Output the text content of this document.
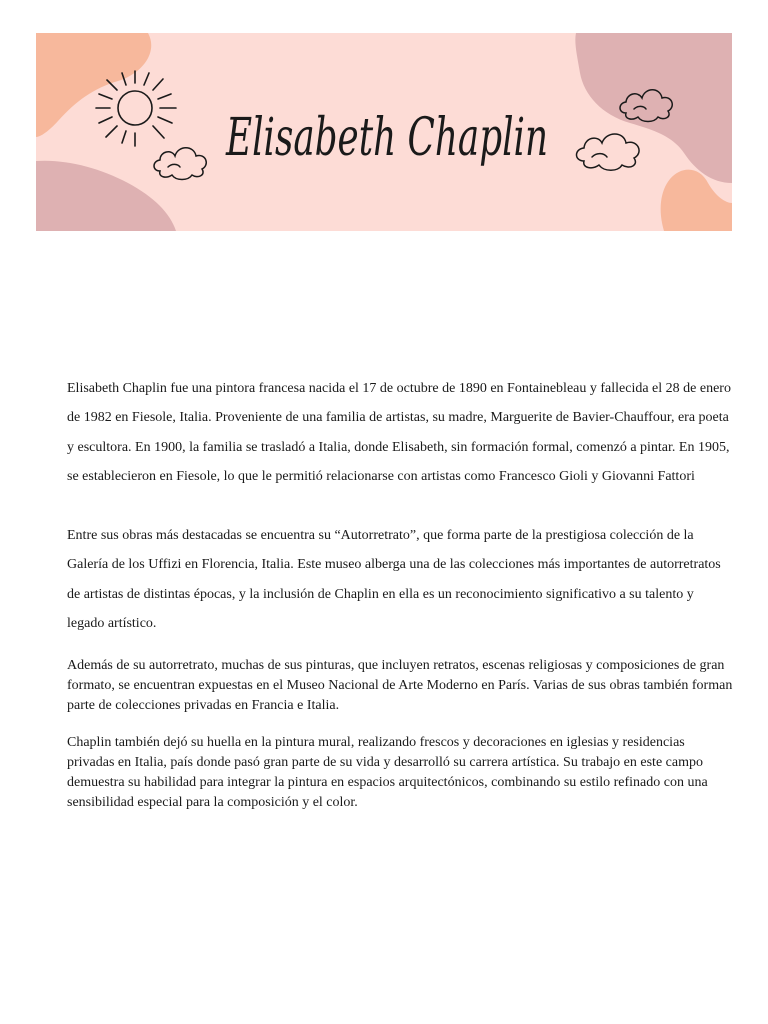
Elisabeth Chaplin

Elisabeth Chaplin fue una pintora francesa nacida el 17 de octubre de 1890 en Fontainebleau y fallecida el 28 de enero de 1982 en Fiesole, Italia. Proveniente de una familia de artistas, su madre, Marguerite de Bavier-Chauffour, era poeta y escultora. En 1900, la familia se trasladó a Italia, donde Elisabeth, sin formación formal, comenzó a pintar. En 1905, se establecieron en Fiesole, lo que le permitió relacionarse con artistas como Francesco Gioli y Giovanni Fattori

Entre sus obras más destacadas se encuentra su “Autorretrato”, que forma parte de la prestigiosa colección de la Galería de los Uffizi en Florencia, Italia. Este museo alberga una de las colecciones más importantes de autorretratos de artistas de distintas épocas, y la inclusión de Chaplin en ella es un reconocimiento significativo a su talento y legado artístico.

Además de su autorretrato, muchas de sus pinturas, que incluyen retratos, escenas religiosas y composiciones de gran formato, se encuentran expuestas en el Museo Nacional de Arte Moderno en París. Varias de sus obras también forman parte de colecciones privadas en Francia e Italia.

Chaplin también dejó su huella en la pintura mural, realizando frescos y decoraciones en iglesias y residencias privadas en Italia, país donde pasó gran parte de su vida y desarrolló su carrera artística. Su trabajo en este campo demuestra su habilidad para integrar la pintura en espacios arquitectónicos, combinando su estilo refinado con una sensibilidad especial para la composición y el color.
